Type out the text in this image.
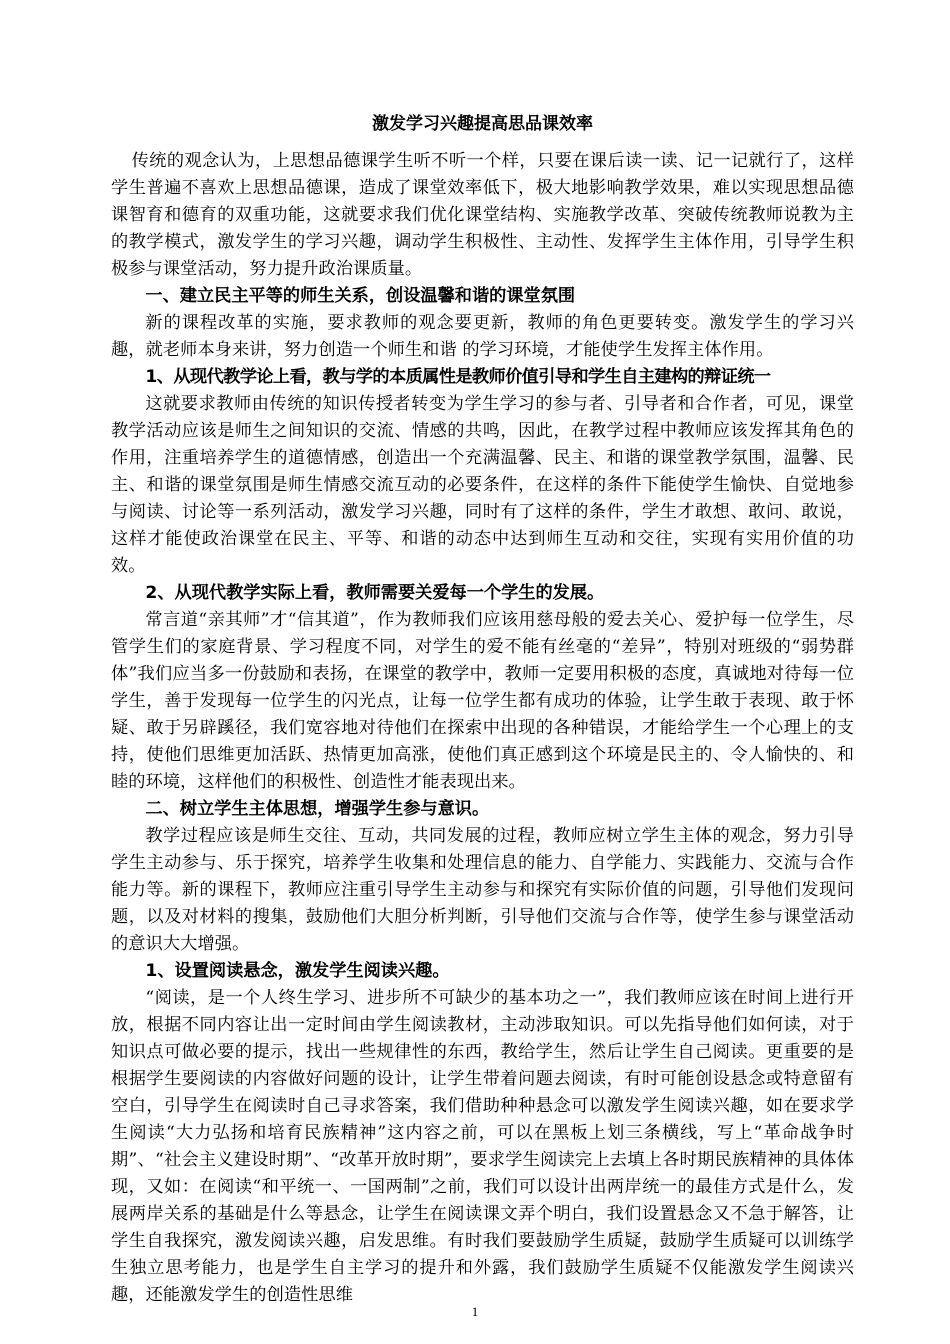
激发学习兴趣提高思品课效率

传统的观念认为，上思想品德课学生听不听一个样，只要在课后读一读、记一记就行了，这样学生普遍不喜欢上思想品德课，造成了课堂效率低下，极大地影响教学效果，难以实现思想品德课智育和德育的双重功能，这就要求我们优化课堂结构、实施教学改革、突破传统教师说教为主的教学模式，激发学生的学习兴趣，调动学生积极性、主动性、发挥学生主体作用，引导学生积极参与课堂活动，努力提升政治课质量。

一、建立民主平等的师生关系，创设温馨和谐的课堂氛围

新的课程改革的实施，要求教师的观念要更新，教师的角色更要转变。激发学生的学习兴趣，就老师本身来讲，努力创造一个师生和谐 的学习环境，才能使学生发挥主体作用。

1、从现代教学论上看，教与学的本质属性是教师价值引导和学生自主建构的辩证统一

这就要求教师由传统的知识传授者转变为学生学习的参与者、引导者和合作者，可见，课堂教学活动应该是师生之间知识的交流、情感的共鸣，因此，在教学过程中教师应该发挥其角色的作用，注重培养学生的道德情感，创造出一个充满温馨、民主、和谐的课堂教学氛围，温馨、民主、和谐的课堂氛围是师生情感交流互动的必要条件，在这样的条件下能使学生愉快、自觉地参与阅读、讨论等一系列活动，激发学习兴趣，同时有了这样的条件，学生才敢想、敢问、敢说，这样才能使政治课堂在民主、平等、和谐的动态中达到师生互动和交往，实现有实用价值的功效。

2、从现代教学实际上看，教师需要关爱每一个学生的发展。

常言道“亲其师”才“信其道”，作为教师我们应该用慈母般的爱去关心、爱护每一位学生，尽管学生们的家庭背景、学习程度不同，对学生的爱不能有丝毫的“差异”，特别对班级的“弱势群体”我们应当多一份鼓励和表扬，在课堂的教学中，教师一定要用积极的态度，真诚地对待每一位学生，善于发现每一位学生的闪光点，让每一位学生都有成功的体验，让学生敢于表现、敢于怀疑、敢于另辟蹊径，我们宽容地对待他们在探索中出现的各种错误，才能给学生一个心理上的支持，使他们思维更加活跃、热情更加高涨，使他们真正感到这个环境是民主的、令人愉快的、和睦的环境，这样他们的积极性、创造性才能表现出来。

二、树立学生主体思想，增强学生参与意识。

教学过程应该是师生交往、互动，共同发展的过程，教师应树立学生主体的观念，努力引导学生主动参与、乐于探究，培养学生收集和处理信息的能力、自学能力、实践能力、交流与合作能力等。新的课程下，教师应注重引导学生主动参与和探究有实际价值的问题，引导他们发现问题，以及对材料的搜集，鼓励他们大胆分析判断，引导他们交流与合作等，使学生参与课堂活动的意识大大增强。

1、设置阅读悬念，激发学生阅读兴趣。

“阅读，是一个人终生学习、进步所不可缺少的基本功之一”，我们教师应该在时间上进行开放，根据不同内容让出一定时间由学生阅读教材，主动涉取知识。可以先指导他们如何读，对于知识点可做必要的提示，找出一些规律性的东西，教给学生，然后让学生自己阅读。更重要的是根据学生要阅读的内容做好问题的设计，让学生带着问题去阅读，有时可能创设悬念或特意留有空白，引导学生在阅读时自己寻求答案，我们借助种种悬念可以激发学生阅读兴趣，如在要求学生阅读“大力弘扬和培育民族精神”这内容之前，可以在黑板上划三条横线，写上“革命战争时期”、“社会主义建设时期”、“改革开放时期”，要求学生阅读完上去填上各时期民族精神的具体体现，又如：在阅读“和平统一、一国两制”之前，我们可以设计出两岸统一的最佳方式是什么，发展两岸关系的基础是什么等悬念，让学生在阅读课文弄个明白，我们设置悬念又不急于解答，让学生自我探究，激发阅读兴趣，启发思维。有时我们要鼓励学生质疑，鼓励学生质疑可以训练学生独立思考能力，也是学生自主学习的提升和外露，我们鼓励学生质疑不仅能激发学生阅读兴趣，还能激发学生的创造性思维

1
